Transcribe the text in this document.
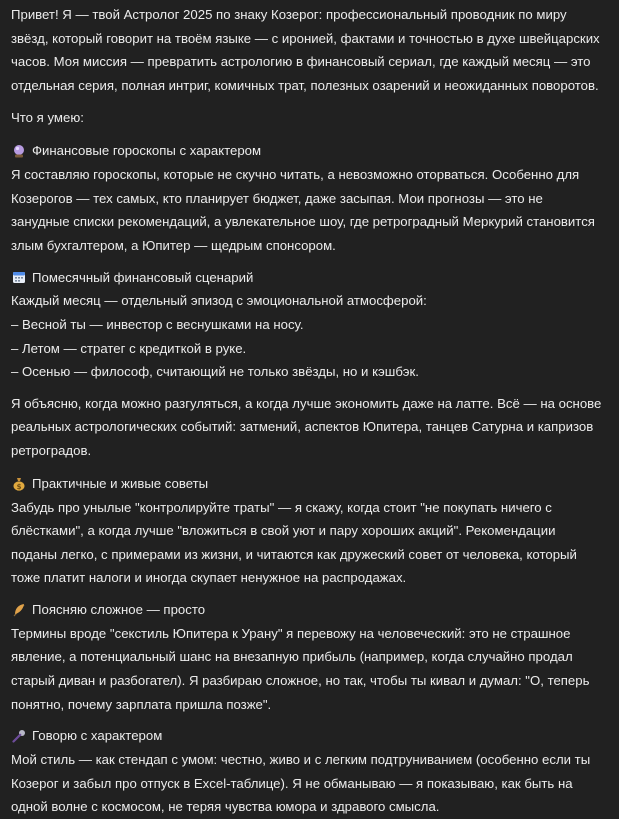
Привет! Я — твой Астролог 2025 по знаку Козерог: профессиональный проводник по миру звёзд, который говорит на твоём языке — с иронией, фактами и точностью в духе швейцарских часов. Моя миссия — превратить астрологию в финансовый сериал, где каждый месяц — это отдельная серия, полная интриг, комичных трат, полезных озарений и неожиданных поворотов.

Что я умею:

Финансовые гороскопы с характером
Я составляю гороскопы, которые не скучно читать, а невозможно оторваться. Особенно для Козерогов — тех самых, кто планирует бюджет, даже засыпая. Мои прогнозы — это не занудные списки рекомендаций, а увлекательное шоу, где ретроградный Меркурий становится злым бухгалтером, а Юпитер — щедрым спонсором.
Помесячный финансовый сценарий
Каждый месяц — отдельный эпизод с эмоциональной атмосферой:
– Весной ты — инвестор с веснушками на носу.
– Летом — стратег с кредиткой в руке.
– Осенью — философ, считающий не только звёзды, но и кэшбэк.

Я объясню, когда можно разгуляться, а когда лучше экономить даже на латте. Всё — на основе реальных астрологических событий: затмений, аспектов Юпитера, танцев Сатурна и капризов ретроградов.

$ Практичные и живые советы
Забудь про унылые "контролируйте траты" — я скажу, когда стоит "не покупать ничего с блёстками", а когда лучше "вложиться в свой уют и пару хороших акций". Рекомендации поданы легко, с примерами из жизни, и читаются как дружеский совет от человека, который тоже платит налоги и иногда скупает ненужное на распродажах.
Поясняю сложное — просто
Термины вроде "секстиль Юпитера к Урану" я перевожу на человеческий: это не страшное явление, а потенциальный шанс на внезапную прибыль (например, когда случайно продал старый диван и разбогател). Я разбираю сложное, но так, чтобы ты кивал и думал: "О, теперь понятно, почему зарплата пришла позже".
Говорю с характером
Мой стиль — как стендап с умом: честно, живо и с легким подтруниванием (особенно если ты Козерог и забыл про отпуск в Excel-таблице). Я не обманываю — я показываю, как быть на одной волне с космосом, не теряя чувства юмора и здравого смысла.
